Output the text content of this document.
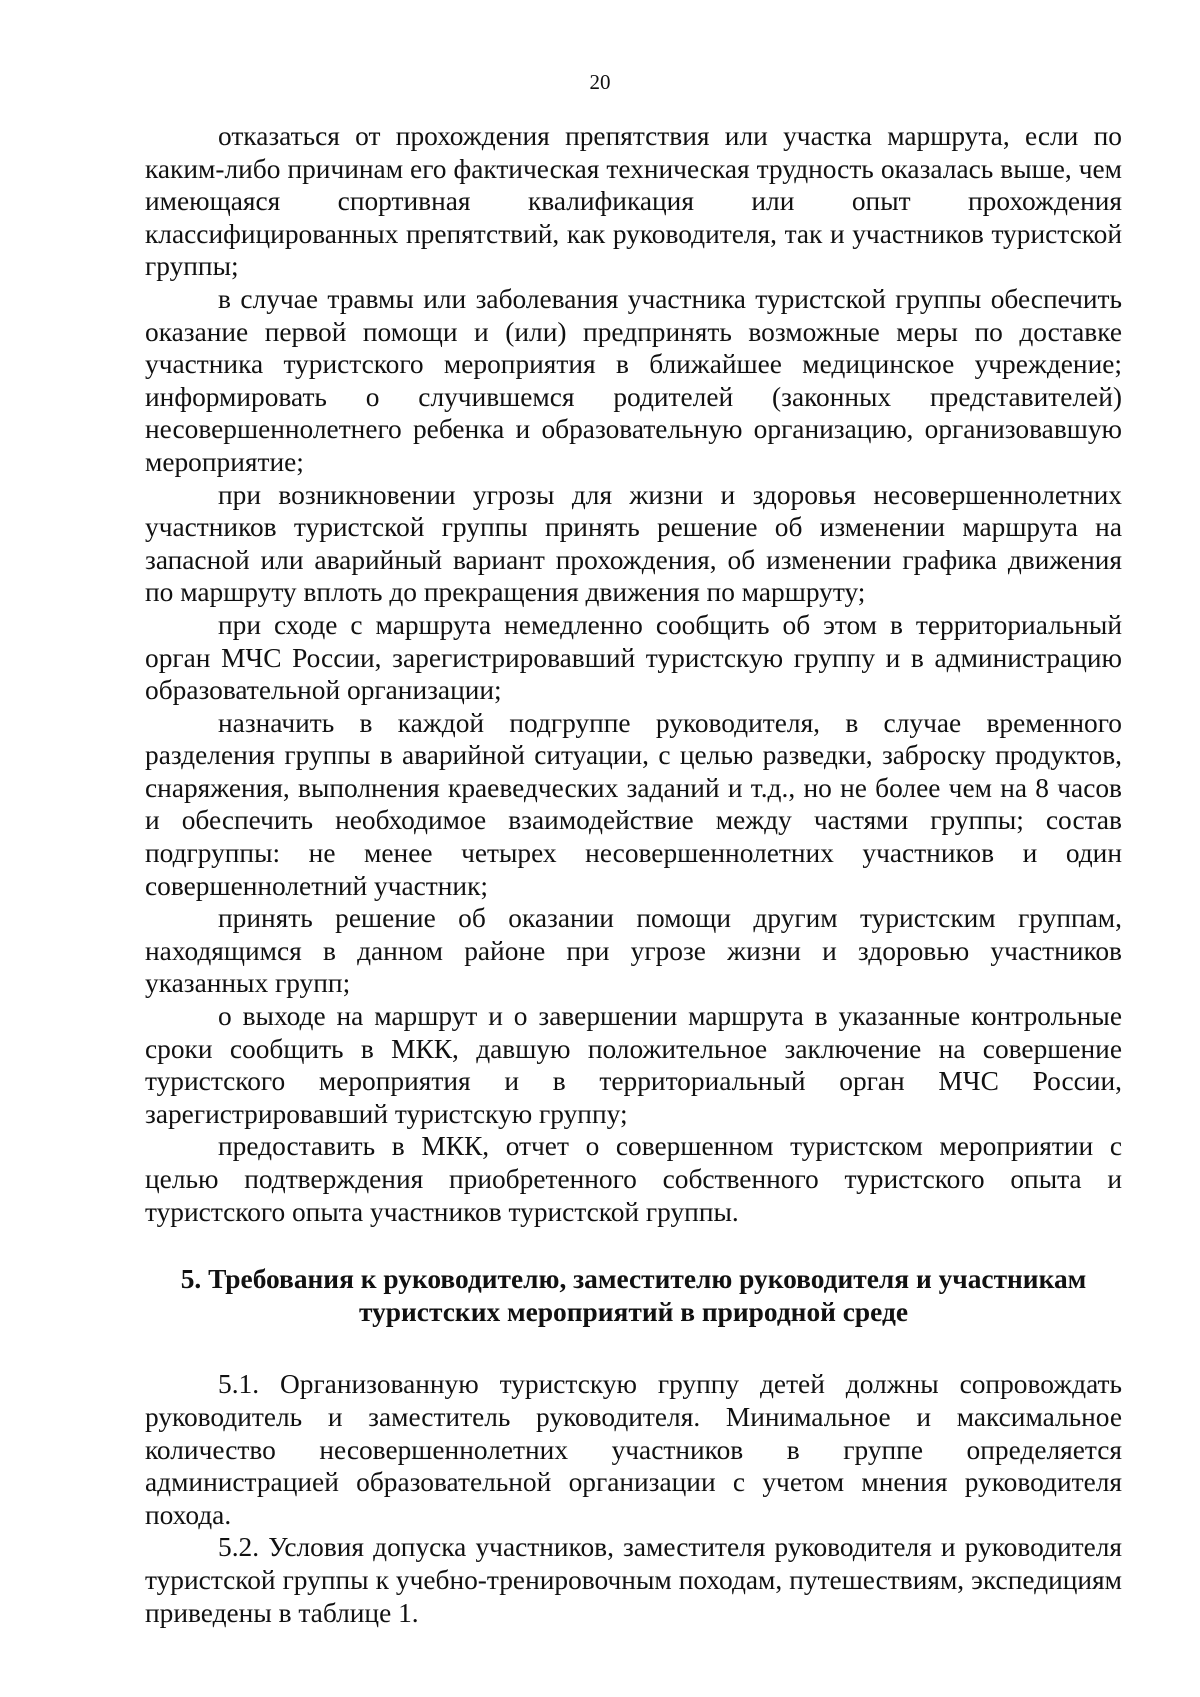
20

отказаться от прохождения препятствия или участка маршрута, если по каким-либо причинам его фактическая техническая трудность оказалась выше, чем имеющаяся спортивная квалификация или опыт прохождения классифицированных препятствий, как руководителя, так и участников туристской группы;

в случае травмы или заболевания участника туристской группы обеспечить оказание первой помощи и (или) предпринять возможные меры по доставке участника туристского мероприятия в ближайшее медицинское учреждение; информировать о случившемся родителей (законных представителей) несовершеннолетнего ребенка и образовательную организацию, организовавшую мероприятие;

при возникновении угрозы для жизни и здоровья несовершеннолетних участников туристской группы принять решение об изменении маршрута на запасной или аварийный вариант прохождения, об изменении графика движения по маршруту вплоть до прекращения движения по маршруту;

при сходе с маршрута немедленно сообщить об этом в территориальный орган МЧС России, зарегистрировавший туристскую группу и в администрацию образовательной организации;

назначить в каждой подгруппе руководителя, в случае временного разделения группы в аварийной ситуации, с целью разведки, заброску продуктов, снаряжения, выполнения краеведческих заданий и т.д., но не более чем на 8 часов и обеспечить необходимое взаимодействие между частями группы; состав подгруппы: не менее четырех несовершеннолетних участников и один совершеннолетний участник;

принять решение об оказании помощи другим туристским группам, находящимся в данном районе при угрозе жизни и здоровью участников указанных групп;

о выходе на маршрут и о завершении маршрута в указанные контрольные сроки сообщить в МКК, давшую положительное заключение на совершение туристского мероприятия и в территориальный орган МЧС России, зарегистрировавший туристскую группу;

предоставить в МКК, отчет о совершенном туристском мероприятии с целью подтверждения приобретенного собственного туристского опыта и туристского опыта участников туристской группы.

5. Требования к руководителю, заместителю руководителя и участникам
туристских мероприятий в природной среде

5.1. Организованную туристскую группу детей должны сопровождать руководитель и заместитель руководителя. Минимальное и максимальное количество несовершеннолетних участников в группе определяется администрацией образовательной организации с учетом мнения руководителя похода.

5.2. Условия допуска участников, заместителя руководителя и руководителя туристской группы к учебно-тренировочным походам, путешествиям, экспедициям приведены в таблице 1.
